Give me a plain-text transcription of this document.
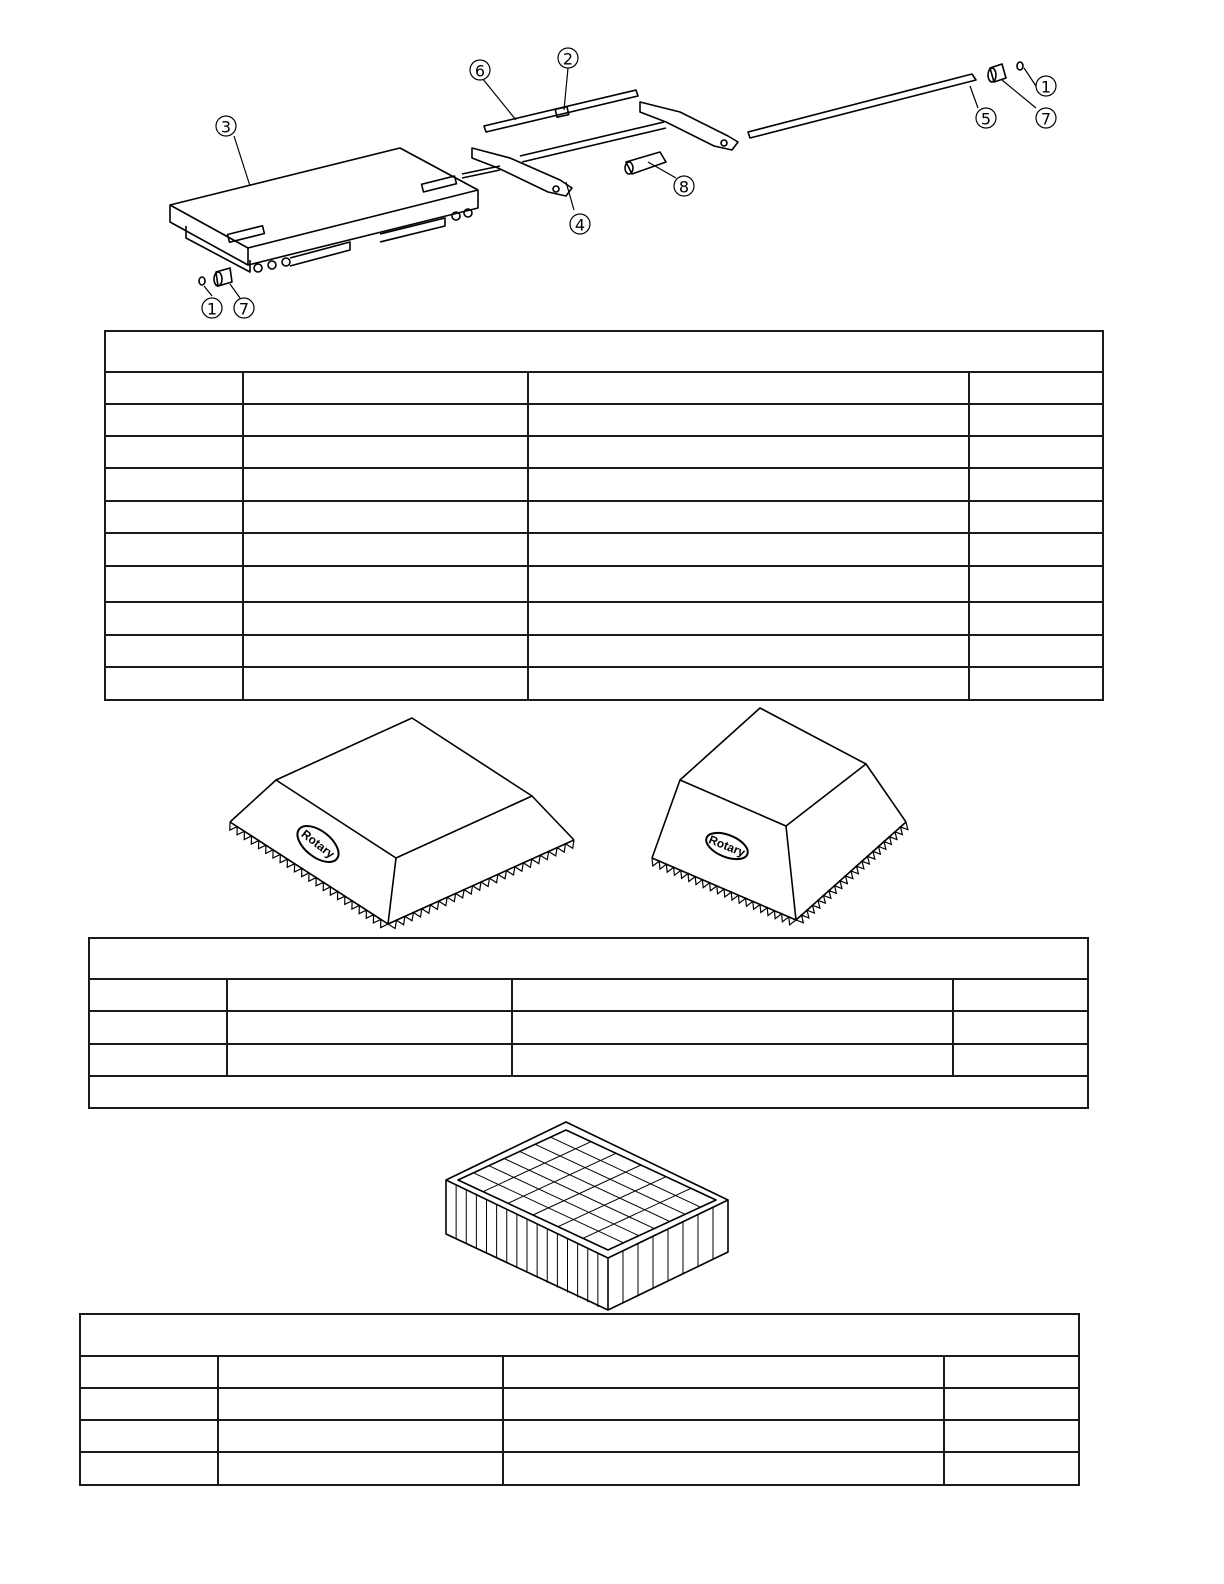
1
2
3
4
5
6
7
1 7
8

Rotary	Rotary
